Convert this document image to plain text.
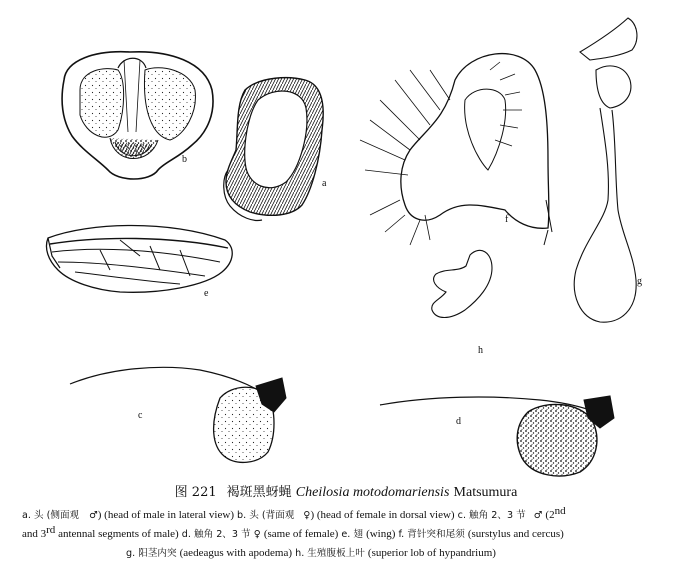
b
a
e
f
g
h
c
d
图 221 褐斑黑蚜蝇 Cheilosia motodomariensis Matsumura
a. 头 (侧面观 ♂) (head of male in lateral view) b. 头 (背面观 ♀) (head of female in dorsal view) c. 触角 2、3 节 ♂ (2nd
and 3rd antennal segments of male) d. 触角 2、3 节 ♀ (same of female) e. 翅 (wing) f. 背针突和尾须 (surstylus and cercus)
g. 阳茎内突 (aedeagus with apodema) h. 生殖腹板上叶 (superior lob of hypandrium)
